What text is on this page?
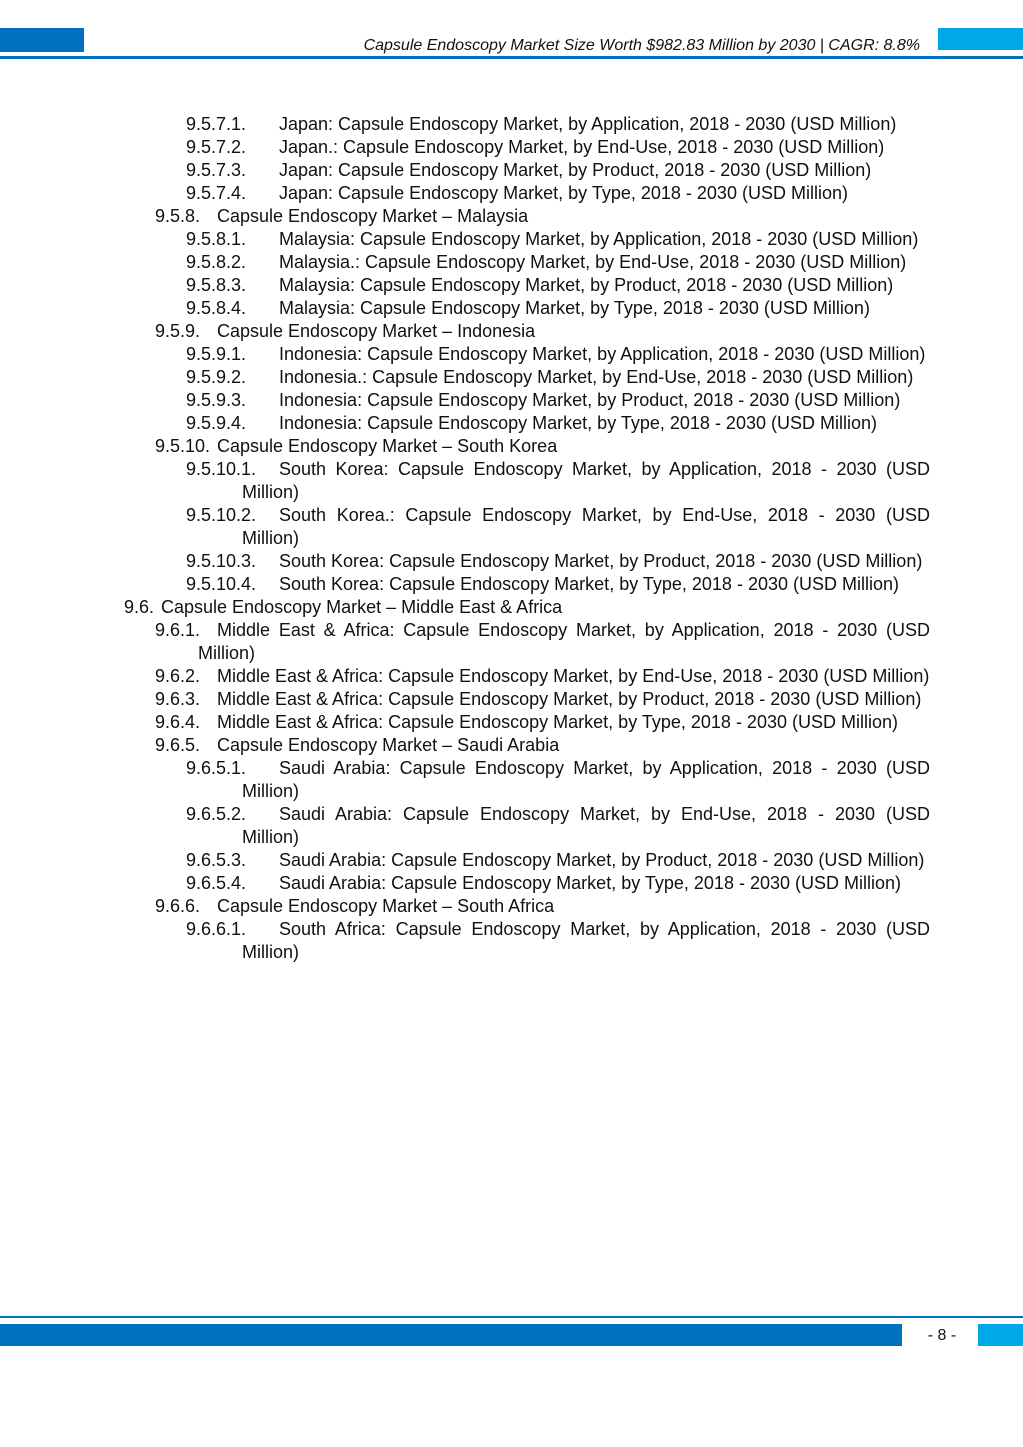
Capsule Endoscopy Market Size Worth $982.83 Million by 2030 | CAGR: 8.8%
9.5.7.1.	Japan: Capsule Endoscopy Market, by Application, 2018 - 2030 (USD Million)
9.5.7.2.	Japan.: Capsule Endoscopy Market, by End-Use, 2018 - 2030 (USD Million)
9.5.7.3.	Japan: Capsule Endoscopy Market, by Product, 2018 - 2030 (USD Million)
9.5.7.4.	Japan: Capsule Endoscopy Market, by Type, 2018 - 2030 (USD Million)
9.5.8. Capsule Endoscopy Market – Malaysia
9.5.8.1.	Malaysia: Capsule Endoscopy Market, by Application, 2018 - 2030 (USD Million)
9.5.8.2.	Malaysia.: Capsule Endoscopy Market, by End-Use, 2018 - 2030 (USD Million)
9.5.8.3.	Malaysia: Capsule Endoscopy Market, by Product, 2018 - 2030 (USD Million)
9.5.8.4.	Malaysia: Capsule Endoscopy Market, by Type, 2018 - 2030 (USD Million)
9.5.9. Capsule Endoscopy Market – Indonesia
9.5.9.1.	Indonesia: Capsule Endoscopy Market, by Application, 2018 - 2030 (USD Million)
9.5.9.2.	Indonesia.: Capsule Endoscopy Market, by End-Use, 2018 - 2030 (USD Million)
9.5.9.3.	Indonesia: Capsule Endoscopy Market, by Product, 2018 - 2030 (USD Million)
9.5.9.4.	Indonesia: Capsule Endoscopy Market, by Type, 2018 - 2030 (USD Million)
9.5.10. Capsule Endoscopy Market – South Korea
9.5.10.1.	South Korea: Capsule Endoscopy Market, by Application, 2018 - 2030 (USD Million)
9.5.10.2.	South Korea.: Capsule Endoscopy Market, by End-Use, 2018 - 2030 (USD Million)
9.5.10.3.	South Korea: Capsule Endoscopy Market, by Product, 2018 - 2030 (USD Million)
9.5.10.4.	South Korea: Capsule Endoscopy Market, by Type, 2018 - 2030 (USD Million)
9.6. Capsule Endoscopy Market – Middle East & Africa
9.6.1. Middle East & Africa: Capsule Endoscopy Market, by Application, 2018 - 2030 (USD Million)
9.6.2. Middle East & Africa: Capsule Endoscopy Market, by End-Use, 2018 - 2030 (USD Million)
9.6.3. Middle East & Africa: Capsule Endoscopy Market, by Product, 2018 - 2030 (USD Million)
9.6.4. Middle East & Africa: Capsule Endoscopy Market, by Type, 2018 - 2030 (USD Million)
9.6.5. Capsule Endoscopy Market – Saudi Arabia
9.6.5.1.	Saudi Arabia: Capsule Endoscopy Market, by Application, 2018 - 2030 (USD Million)
9.6.5.2.	Saudi Arabia: Capsule Endoscopy Market, by End-Use, 2018 - 2030 (USD Million)
9.6.5.3.	Saudi Arabia: Capsule Endoscopy Market, by Product, 2018 - 2030 (USD Million)
9.6.5.4.	Saudi Arabia: Capsule Endoscopy Market, by Type, 2018 - 2030 (USD Million)
9.6.6. Capsule Endoscopy Market – South Africa
9.6.6.1.	South Africa: Capsule Endoscopy Market, by Application, 2018 - 2030 (USD Million)
- 8 -
